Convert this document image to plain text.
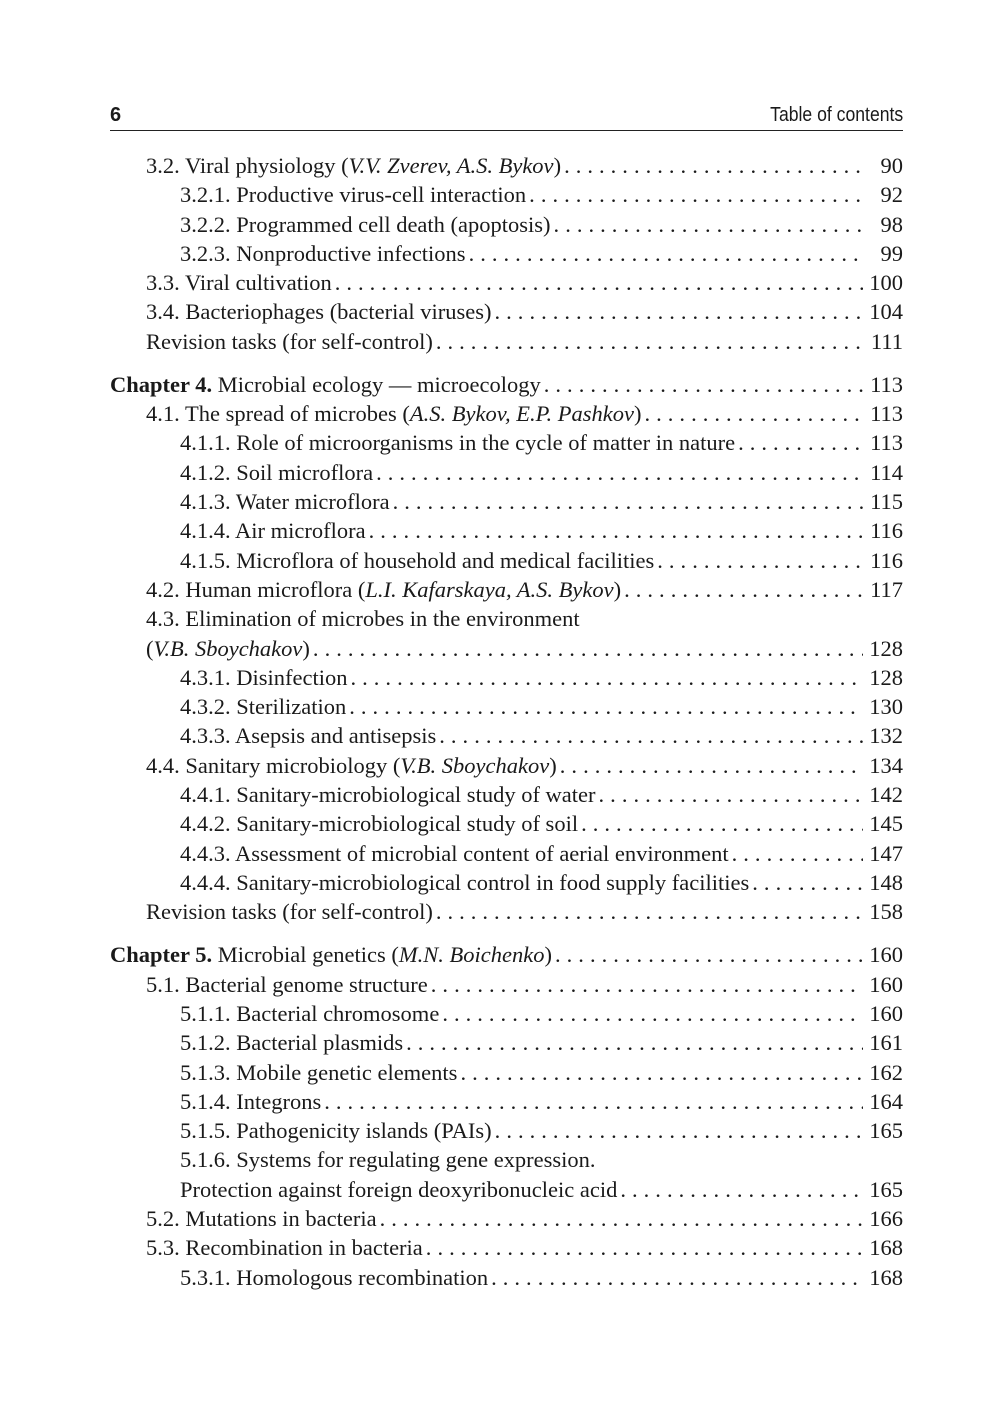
6	Table of contents
3.2. Viral physiology (V.V. Zverev, A.S. Bykov) . . .	90
3.2.1. Productive virus-cell interaction . . .	92
3.2.2. Programmed cell death (apoptosis) . . .	98
3.2.3. Nonproductive infections . . .	99
3.3. Viral cultivation . . .	100
3.4. Bacteriophages (bacterial viruses) . . .	104
Revision tasks (for self-control) . . .	111
Chapter 4. Microbial ecology — microecology . . .	113
4.1. The spread of microbes (A.S. Bykov, E.P. Pashkov) . . .	113
4.1.1. Role of microorganisms in the cycle of matter in nature . . .	113
4.1.2. Soil microflora . . .	114
4.1.3. Water microflora . . .	115
4.1.4. Air microflora . . .	116
4.1.5. Microflora of household and medical facilities . . .	116
4.2. Human microflora (L.I. Kafarskaya, A.S. Bykov) . . .	117
4.3. Elimination of microbes in the environment
(V.B. Sboychakov) . . .	128
4.3.1. Disinfection . . .	128
4.3.2. Sterilization . . .	130
4.3.3. Asepsis and antisepsis . . .	132
4.4. Sanitary microbiology (V.B. Sboychakov) . . .	134
4.4.1. Sanitary-microbiological study of water . . .	142
4.4.2. Sanitary-microbiological study of soil . . .	145
4.4.3. Assessment of microbial content of aerial environment . . .	147
4.4.4. Sanitary-microbiological control in food supply facilities . . .	148
Revision tasks (for self-control) . . .	158
Chapter 5. Microbial genetics (M.N. Boichenko) . . .	160
5.1. Bacterial genome structure . . .	160
5.1.1. Bacterial chromosome . . .	160
5.1.2. Bacterial plasmids . . .	161
5.1.3. Mobile genetic elements . . .	162
5.1.4. Integrons . . .	164
5.1.5. Pathogenicity islands (PAIs) . . .	165
5.1.6. Systems for regulating gene expression.
Protection against foreign deoxyribonucleic acid . . .	165
5.2. Mutations in bacteria . . .	166
5.3. Recombination in bacteria . . .	168
5.3.1. Homologous recombination . . .	168
